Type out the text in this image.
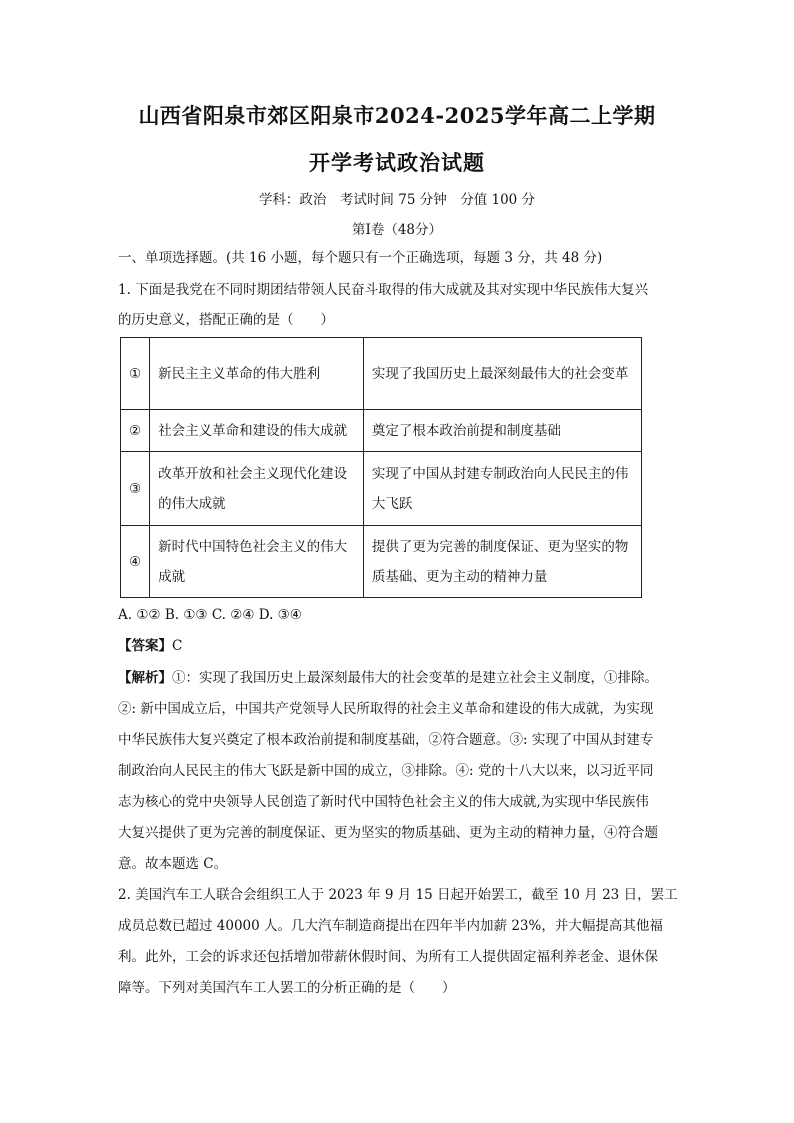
山西省阳泉市郊区阳泉市2024-2025学年高二上学期
开学考试政治试题
学科：政治　考试时间 75 分钟　分值 100 分
第Ⅰ卷（48分）
一、单项选择题。(共 16 小题，每个题只有一个正确选项，每题 3 分，共 48 分)
1. 下面是我党在不同时期团结带领人民奋斗取得的伟大成就及其对实现中华民族伟大复兴
的历史意义，搭配正确的是（　　）
①	新民主主义革命的伟大胜利	实现了我国历史上最深刻最伟大的社会变革
②	社会主义革命和建设的伟大成就	奠定了根本政治前提和制度基础
③	改革开放和社会主义现代化建设的伟大成就	实现了中国从封建专制政治向人民民主的伟大飞跃
④	新时代中国特色社会主义的伟大成就	提供了更为完善的制度保证、更为坚实的物质基础、更为主动的精神力量
A. ①② B. ①③ C. ②④ D. ③④
【答案】C
【解析】①：实现了我国历史上最深刻最伟大的社会变革的是建立社会主义制度，①排除。
②: 新中国成立后，中国共产党领导人民所取得的社会主义革命和建设的伟大成就，为实现
中华民族伟大复兴奠定了根本政治前提和制度基础，②符合题意。③: 实现了中国从封建专
制政治向人民民主的伟大飞跃是新中国的成立，③排除。④: 党的十八大以来，以习近平同
志为核心的党中央领导人民创造了新时代中国特色社会主义的伟大成就,为实现中华民族伟
大复兴提供了更为完善的制度保证、更为坚实的物质基础、更为主动的精神力量，④符合题
意。故本题选 C。
2. 美国汽车工人联合会组织工人于 2023 年 9 月 15 日起开始罢工，截至 10 月 23 日，罢工
成员总数已超过 40000 人。几大汽车制造商提出在四年半内加薪 23%，并大幅提高其他福
利。此外，工会的诉求还包括增加带薪休假时间、为所有工人提供固定福利养老金、退休保
障等。下列对美国汽车工人罢工的分析正确的是（　　）
